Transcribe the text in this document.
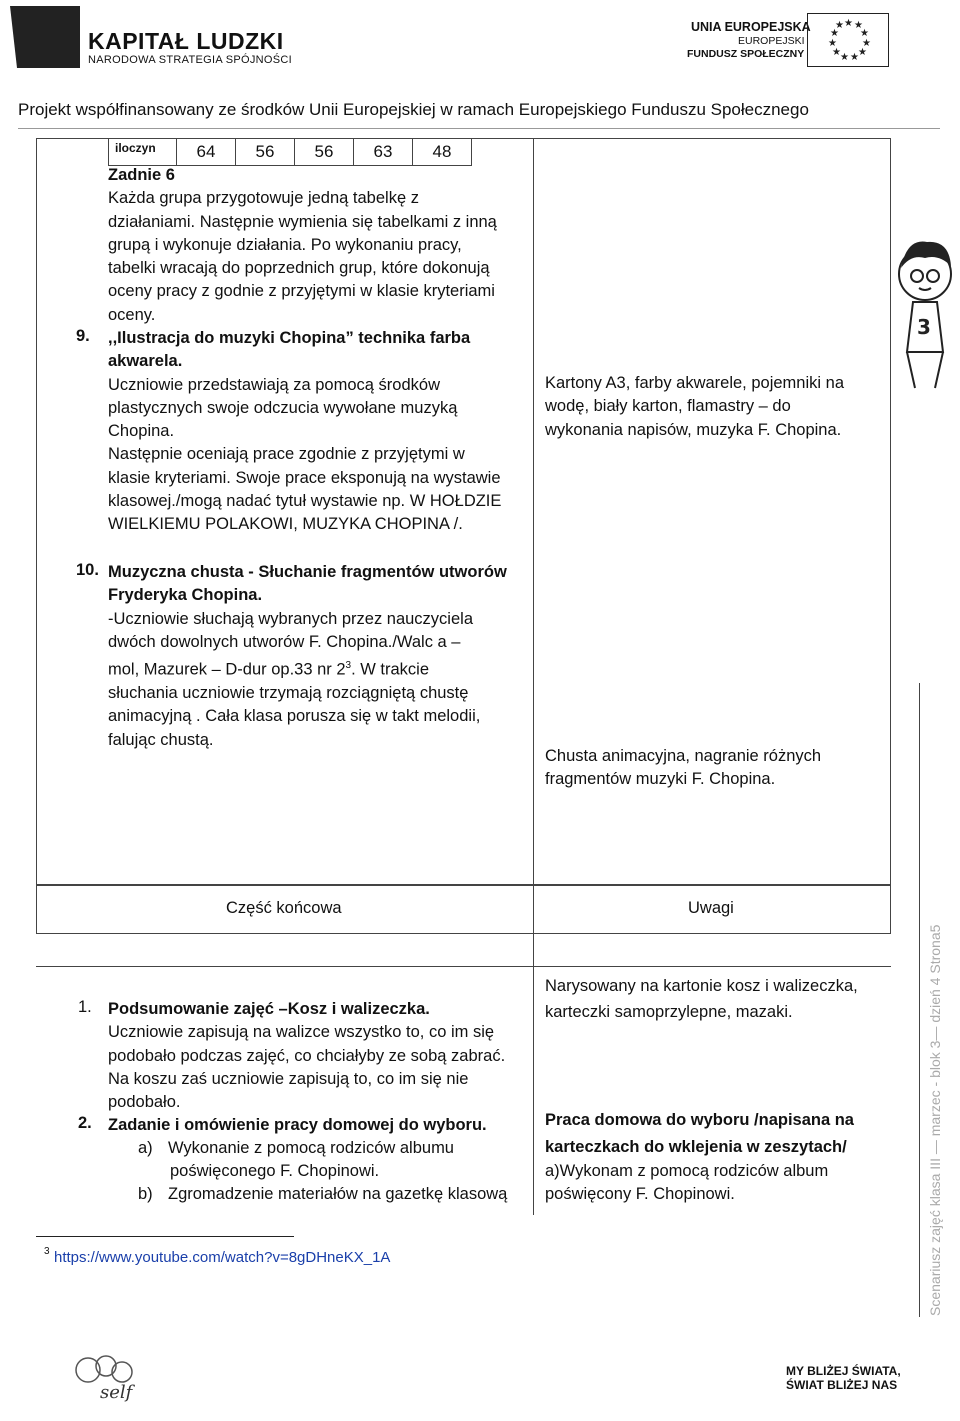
KAPITAŁ LUDZKI
NARODOWA STRATEGIA SPÓJNOŚCI
UNIA EUROPEJSKA
EUROPEJSKI
FUNDUSZ SPOŁECZNY
★ ★
★
★
★
★
★
★
★
★
★
Projekt współfinansowany ze środków Unii Europejskiej w ramach Europejskiego Funduszu Społecznego
iloczyn	64	56	56	63	48
Zadnie 6
Każda grupa przygotowuje jedną tabelkę z
działaniami. Następnie wymienia się tabelkami z inną
grupą i wykonuje działania. Po wykonaniu pracy,
tabelki wracają do poprzednich grup, które dokonują
oceny pracy z godnie z przyjętymi w klasie kryteriami
oceny.
9. ,,Ilustracja do muzyki Chopina” technika farba
akwarela.
Uczniowie przedstawiają za pomocą środków
plastycznych swoje odczucia wywołane muzyką
Chopina.
Następnie oceniają prace zgodnie z przyjętymi w
klasie kryteriami. Swoje prace eksponują na wystawie
klasowej./mogą nadać tytuł wystawie np. W HOŁDZIE
WIELKIEMU POLAKOWI, MUZYKA CHOPINA /.
Kartony A3, farby akwarele, pojemniki na
wodę, biały karton, flamastry – do
wykonania napisów, muzyka F. Chopina.
10. Muzyczna chusta - Słuchanie fragmentów utworów
Fryderyka Chopina.
-Uczniowie słuchają wybranych przez nauczyciela
dwóch dowolnych utworów F. Chopina./Walc a –
mol, Mazurek – D-dur op.33 nr $2^3$. W trakcie
słuchania uczniowie trzymają rozciągniętą chustę
animacyjną . Cała klasa porusza się w takt melodii,
falując chustą.
Chusta animacyjna, nagranie różnych
fragmentów muzyki F. Chopina.
Część końcowa	Uwagi
1. Podsumowanie zajęć –Kosz i walizeczka.
Uczniowie zapisują na walizce wszystko to, co im się
podobało podczas zajęć, co chciałyby ze sobą zabrać.
Na koszu zaś uczniowie zapisują to, co im się nie
podobało.
2. Zadanie i omówienie pracy domowej do wyboru.
a) Wykonanie z pomocą rodziców albumu
poświęconego F. Chopinowi.
b) Zgromadzenie materiałów na gazetkę klasową
Narysowany na kartonie kosz i walizeczka,
karteczki samoprzylepne, mazaki.
Praca domowa do wyboru /napisana na
karteczkach do wklejenia w zeszytach/
a)Wykonam z pomocą rodziców album
poświęcony F. Chopinowi.
3 https://www.youtube.com/watch?v=8gDHneKX_1A	Scenariusz zajęć klasa III — marzec - blok 3— dzień 4 Strona5
3
self
MY BLIŻEJ ŚWIATA,
ŚWIAT BLIŻEJ NAS
